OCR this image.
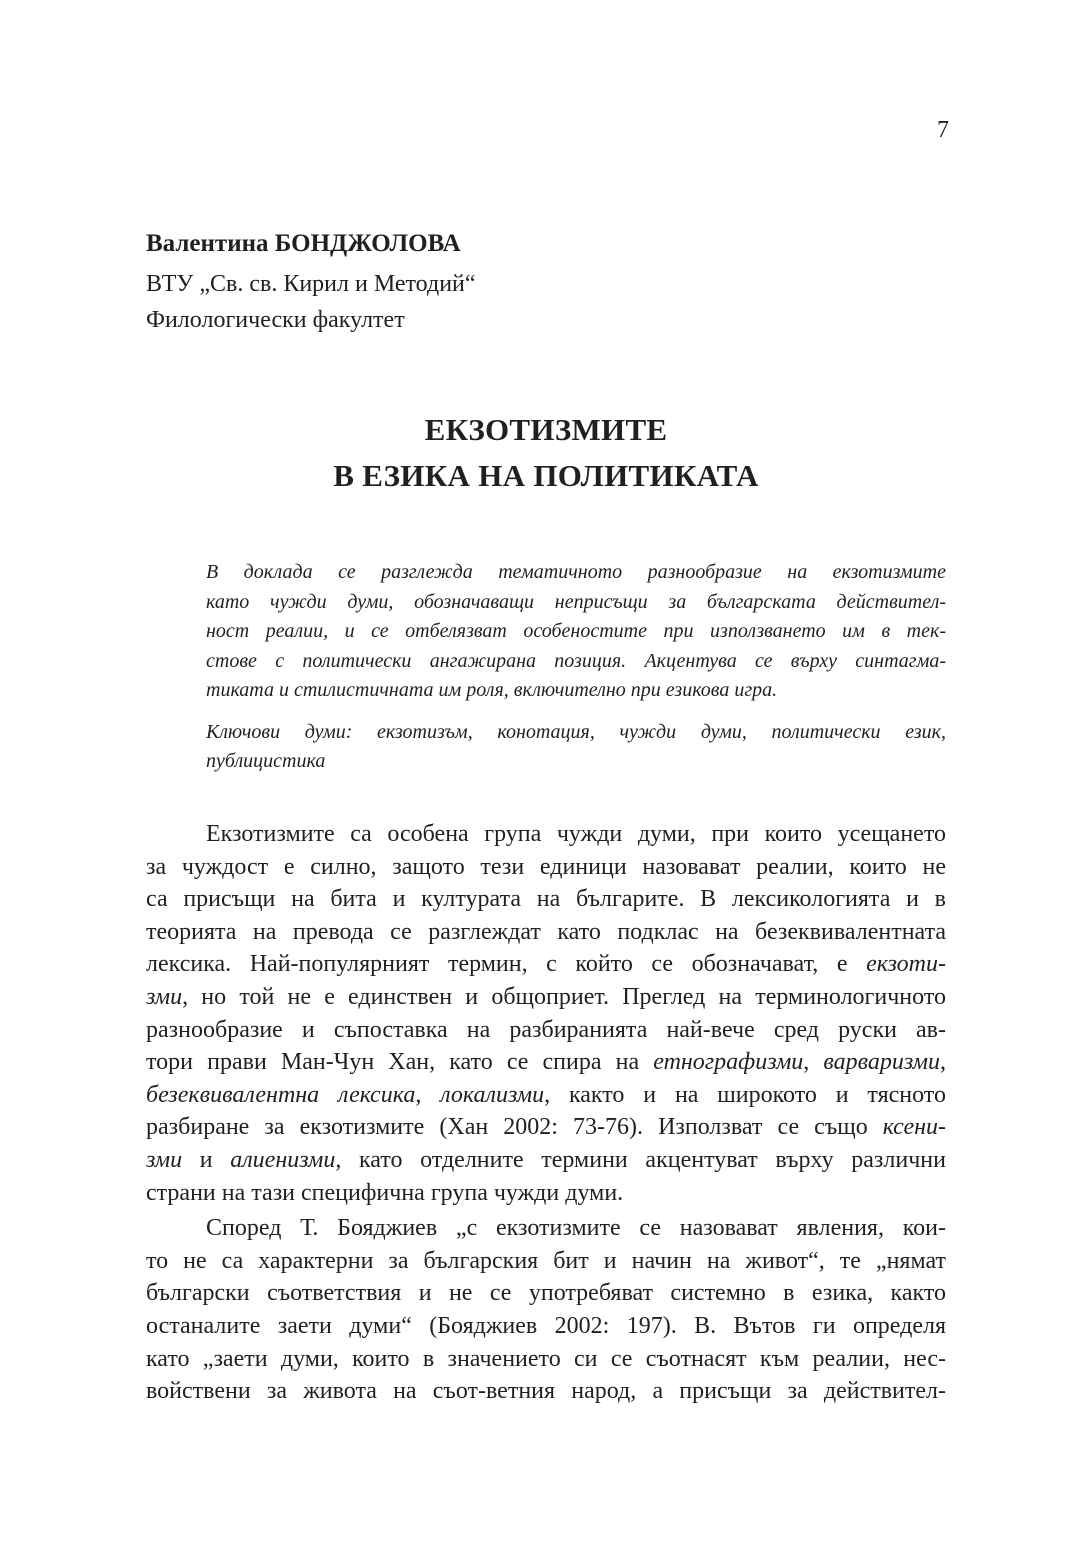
7
Валентина БОНДЖОЛОВА
ВТУ „Св. св. Кирил и Методий“
Филологически факултет
ЕКЗОТИЗМИТЕ
В ЕЗИКА НА ПОЛИТИКАТА
В доклада се разглежда тематичното разнообразие на екзотизмите
като чужди думи, обозначаващи неприсъщи за българската действител-
ност реалии, и се отбелязват особеностите при използването им в тек-
стове с политически ангажирана позиция. Акцентува се върху синтагма-
тиката и стилистичната им роля, включително при езикова игра.
Ключови думи: екзотизъм, конотация, чужди думи, политически език,
публицистика
Екзотизмите са особена група чужди думи, при които усещането
за чуждост е силно, защото тези единици назовават реалии, които не
са присъщи на бита и културата на българите. В лексикологията и в
теорията на превода се разглеждат като подклас на безеквивалентната
лексика. Най-популярният термин, с който се обозначават, е екзоти-
зми, но той не е единствен и общоприет. Преглед на терминологичното
разнообразие и съпоставка на разбиранията най-вече сред руски ав-
тори прави Ман-Чун Хан, като се спира на етнографизми, варваризми,
безеквивалентна лексика, локализми, както и на широкото и тясното
разбиране за екзотизмите (Хан 2002: 73-76). Използват се също ксени-
зми и алиенизми, като отделните термини акцентуват върху различни
страни на тази специфична група чужди думи.
Според Т. Бояджиев „с екзотизмите се назовават явления, кои-
то не са характерни за българския бит и начин на живот“, те „нямат
български съответствия и не се употребяват системно в езика, както
останалите заети думи“ (Бояджиев 2002: 197). В. Вътов ги определя
като „заети думи, които в значението си се съотнасят към реалии, нес-
войствени за живота на съот-ветния народ, а присъщи за действител-
